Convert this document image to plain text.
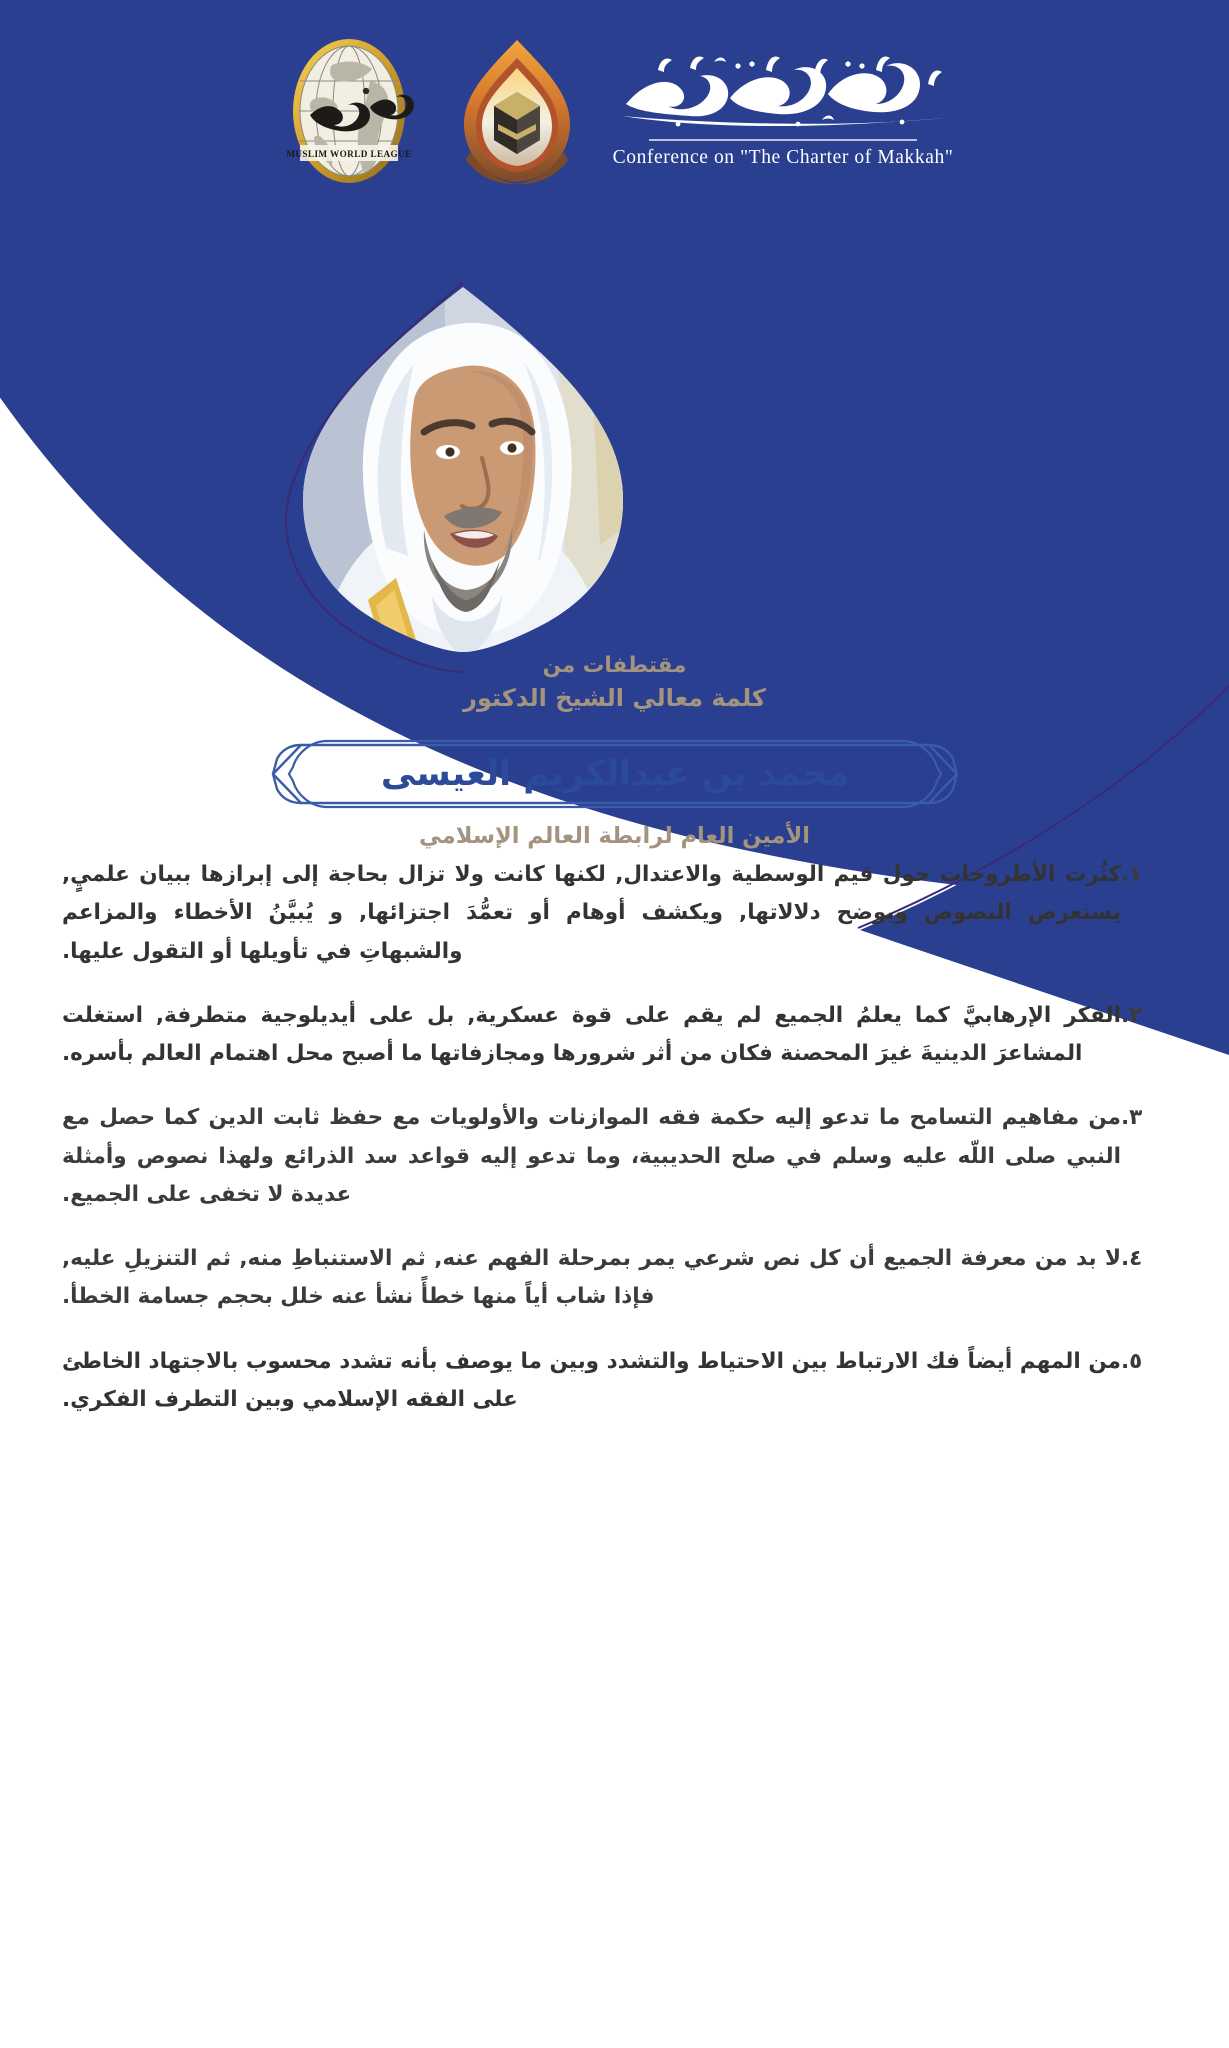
Conference on "The Charter of Makkah"
MUSLIM WORLD LEAGUE
مقتطفات من
كلمة معالي الشيخ الدكتور
محمد بن عبدالكريم العيسى
الأمين العام لرابطة العالم الإسلامي
١.
كثُرت الأطروحات حول قيم الوسطية والاعتدال, لكنها كانت ولا تزال بحاجة إلى إبرازها ببيان علميٍ, يستعرض النصوص ويوضح دلالاتها, ويكشف أوهام أو تعمُّدَ اجتزائها, و يُبيَّنُ الأخطاء والمزاعم والشبهاتِ في تأويلها أو التقول عليها.
٢.
الفكر الإرهابيَّ كما يعلمُ الجميع لم يقم على قوة عسكرية, بل على أيديلوجية متطرفة, استغلت المشاعرَ الدينيةَ غيرَ المحصنة فكان من أثر شرورها ومجازفاتها ما أصبح محل اهتمام العالم بأسره.
٣.
من مفاهيم التسامح ما تدعو إليه حكمة فقه الموازنات والأولويات مع حفظ ثابت الدين كما حصل مع النبي صلى اللّه عليه وسلم في صلح الحديبية، وما تدعو إليه قواعد سد الذرائع ولهذا نصوص وأمثلة عديدة لا تخفى على الجميع.
٤.
لا بد من معرفة الجميع أن كل نص شرعي يمر بمرحلة الفهم عنه, ثم الاستنباطِ منه, ثم التنزيلِ عليه, فإذا شاب أياً منها خطأً نشأ عنه خلل بحجم جسامة الخطأ.
٥.
من المهم أيضاً فك الارتباط بين الاحتياط والتشدد وبين ما يوصف بأنه تشدد محسوب بالاجتهاد الخاطئ على الفقه الإسلامي وبين التطرف الفكري.
